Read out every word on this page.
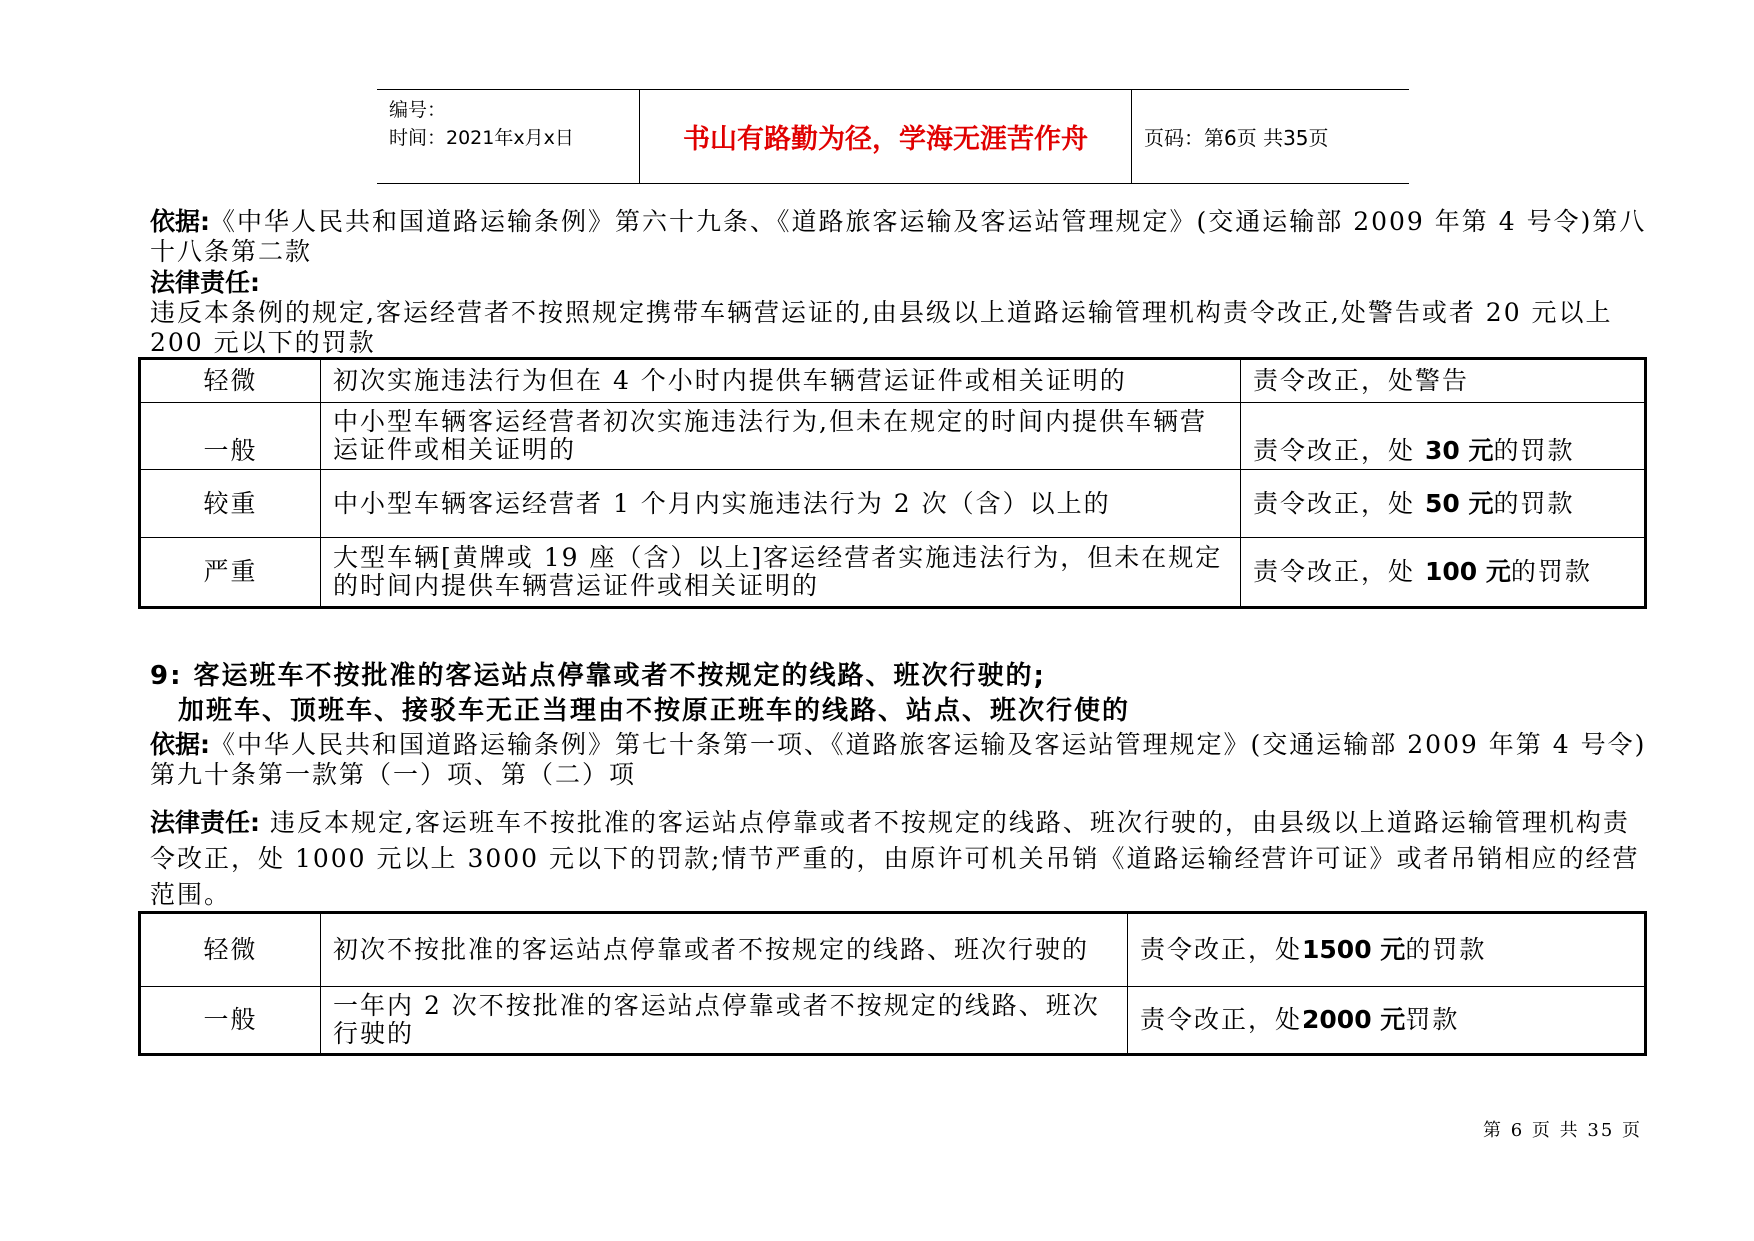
编号：
时间：2021年x月x日	书山有路勤为径，学海无涯苦作舟	页码：第6页 共35页
依据:《中华人民共和国道路运输条例》第六十九条、《道路旅客运输及客运站管理规定》(交通运输部 2009 年第 4 号令)第八十八条第二款
法律责任:
违反本条例的规定,客运经营者不按照规定携带车辆营运证的,由县级以上道路运输管理机构责令改正,处警告或者 20 元以上 200 元以下的罚款
轻微	初次实施违法行为但在 4 个小时内提供车辆营运证件或相关证明的	责令改正，处警告
一般	中小型车辆客运经营者初次实施违法行为,但未在规定的时间内提供车辆营运证件或相关证明的	责令改正，处 30 元的罚款
较重	中小型车辆客运经营者 1 个月内实施违法行为 2 次（含）以上的	责令改正，处 50 元的罚款
严重	大型车辆[黄牌或 19 座（含）以上]客运经营者实施违法行为，但未在规定的时间内提供车辆营运证件或相关证明的	责令改正，处 100 元的罚款
9: 客运班车不按批准的客运站点停靠或者不按规定的线路、班次行驶的;
加班车、顶班车、接驳车无正当理由不按原正班车的线路、站点、班次行使的
依据:《中华人民共和国道路运输条例》第七十条第一项、《道路旅客运输及客运站管理规定》(交通运输部 2009 年第 4 号令)第九十条第一款第（一）项、第（二）项
法律责任: 违反本规定,客运班车不按批准的客运站点停靠或者不按规定的线路、班次行驶的，由县级以上道路运输管理机构责令改正，处 1000 元以上 3000 元以下的罚款;情节严重的，由原许可机关吊销《道路运输经营许可证》或者吊销相应的经营范围。
轻微	初次不按批准的客运站点停靠或者不按规定的线路、班次行驶的	责令改正，处1500 元的罚款
一般	一年内 2 次不按批准的客运站点停靠或者不按规定的线路、班次行驶的	责令改正，处2000 元罚款
第 6 页 共 35 页
